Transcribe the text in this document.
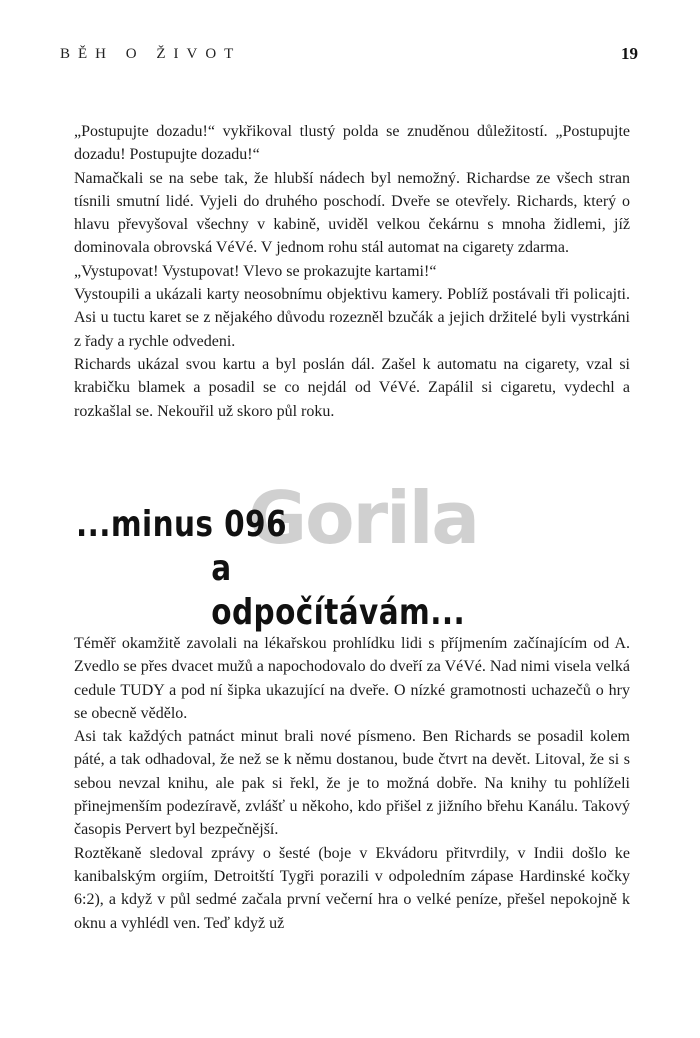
BĚH O ŽIVOT	19

„Postupujte dozadu!“ vykřikoval tlustý polda se znuděnou důležitostí. „Postupujte dozadu! Postupujte dozadu!“

Namačkali se na sebe tak, že hlubší nádech byl nemožný. Richardse ze všech stran tísnili smutní lidé. Vyjeli do druhého poschodí. Dveře se otevřely. Richards, který o hlavu převyšoval všechny v kabině, uviděl velkou čekárnu s mnoha židlemi, jíž dominovala obrovská VéVé. V jednom rohu stál automat na cigarety zdarma.

„Vystupovat! Vystupovat! Vlevo se prokazujte kartami!“

Vystoupili a ukázali karty neosobnímu objektivu kamery. Poblíž postávali tři policajti. Asi u tuctu karet se z nějakého důvodu rozezněl bzučák a jejich držitelé byli vystrkáni z řady a rychle odvedeni.

Richards ukázal svou kartu a byl poslán dál. Zašel k automatu na cigarety, vzal si krabičku blamek a posadil se co nejdál od VéVé. Zapálil si cigaretu, vydechl a rozkašlal se. Nekouřil už skoro půl roku.

Gorila
...minus 096
a odpočítávám...

Téměř okamžitě zavolali na lékařskou prohlídku lidi s příjmením začínajícím od A. Zvedlo se přes dvacet mužů a napochodovalo do dveří za VéVé. Nad nimi visela velká cedule TUDY a pod ní šipka ukazující na dveře. O nízké gramotnosti uchazečů o hry se obecně vědělo.

Asi tak každých patnáct minut brali nové písmeno. Ben Richards se posadil kolem páté, a tak odhadoval, že než se k němu dostanou, bude čtvrt na devět. Litoval, že si s sebou nevzal knihu, ale pak si řekl, že je to možná dobře. Na knihy tu pohlíželi přinejmenším podezíravě, zvlášť u někoho, kdo přišel z jižního břehu Kanálu. Takový časopis Pervert byl bezpečnější.

Roztěkaně sledoval zprávy o šesté (boje v Ekvádoru přitvrdily, v Indii došlo ke kanibalským orgiím, Detroitští Tygři porazili v odpoledním zápase Hardinské kočky 6:2), a když v půl sedmé začala první večerní hra o velké peníze, přešel nepokojně k oknu a vyhlédl ven. Teď když už
